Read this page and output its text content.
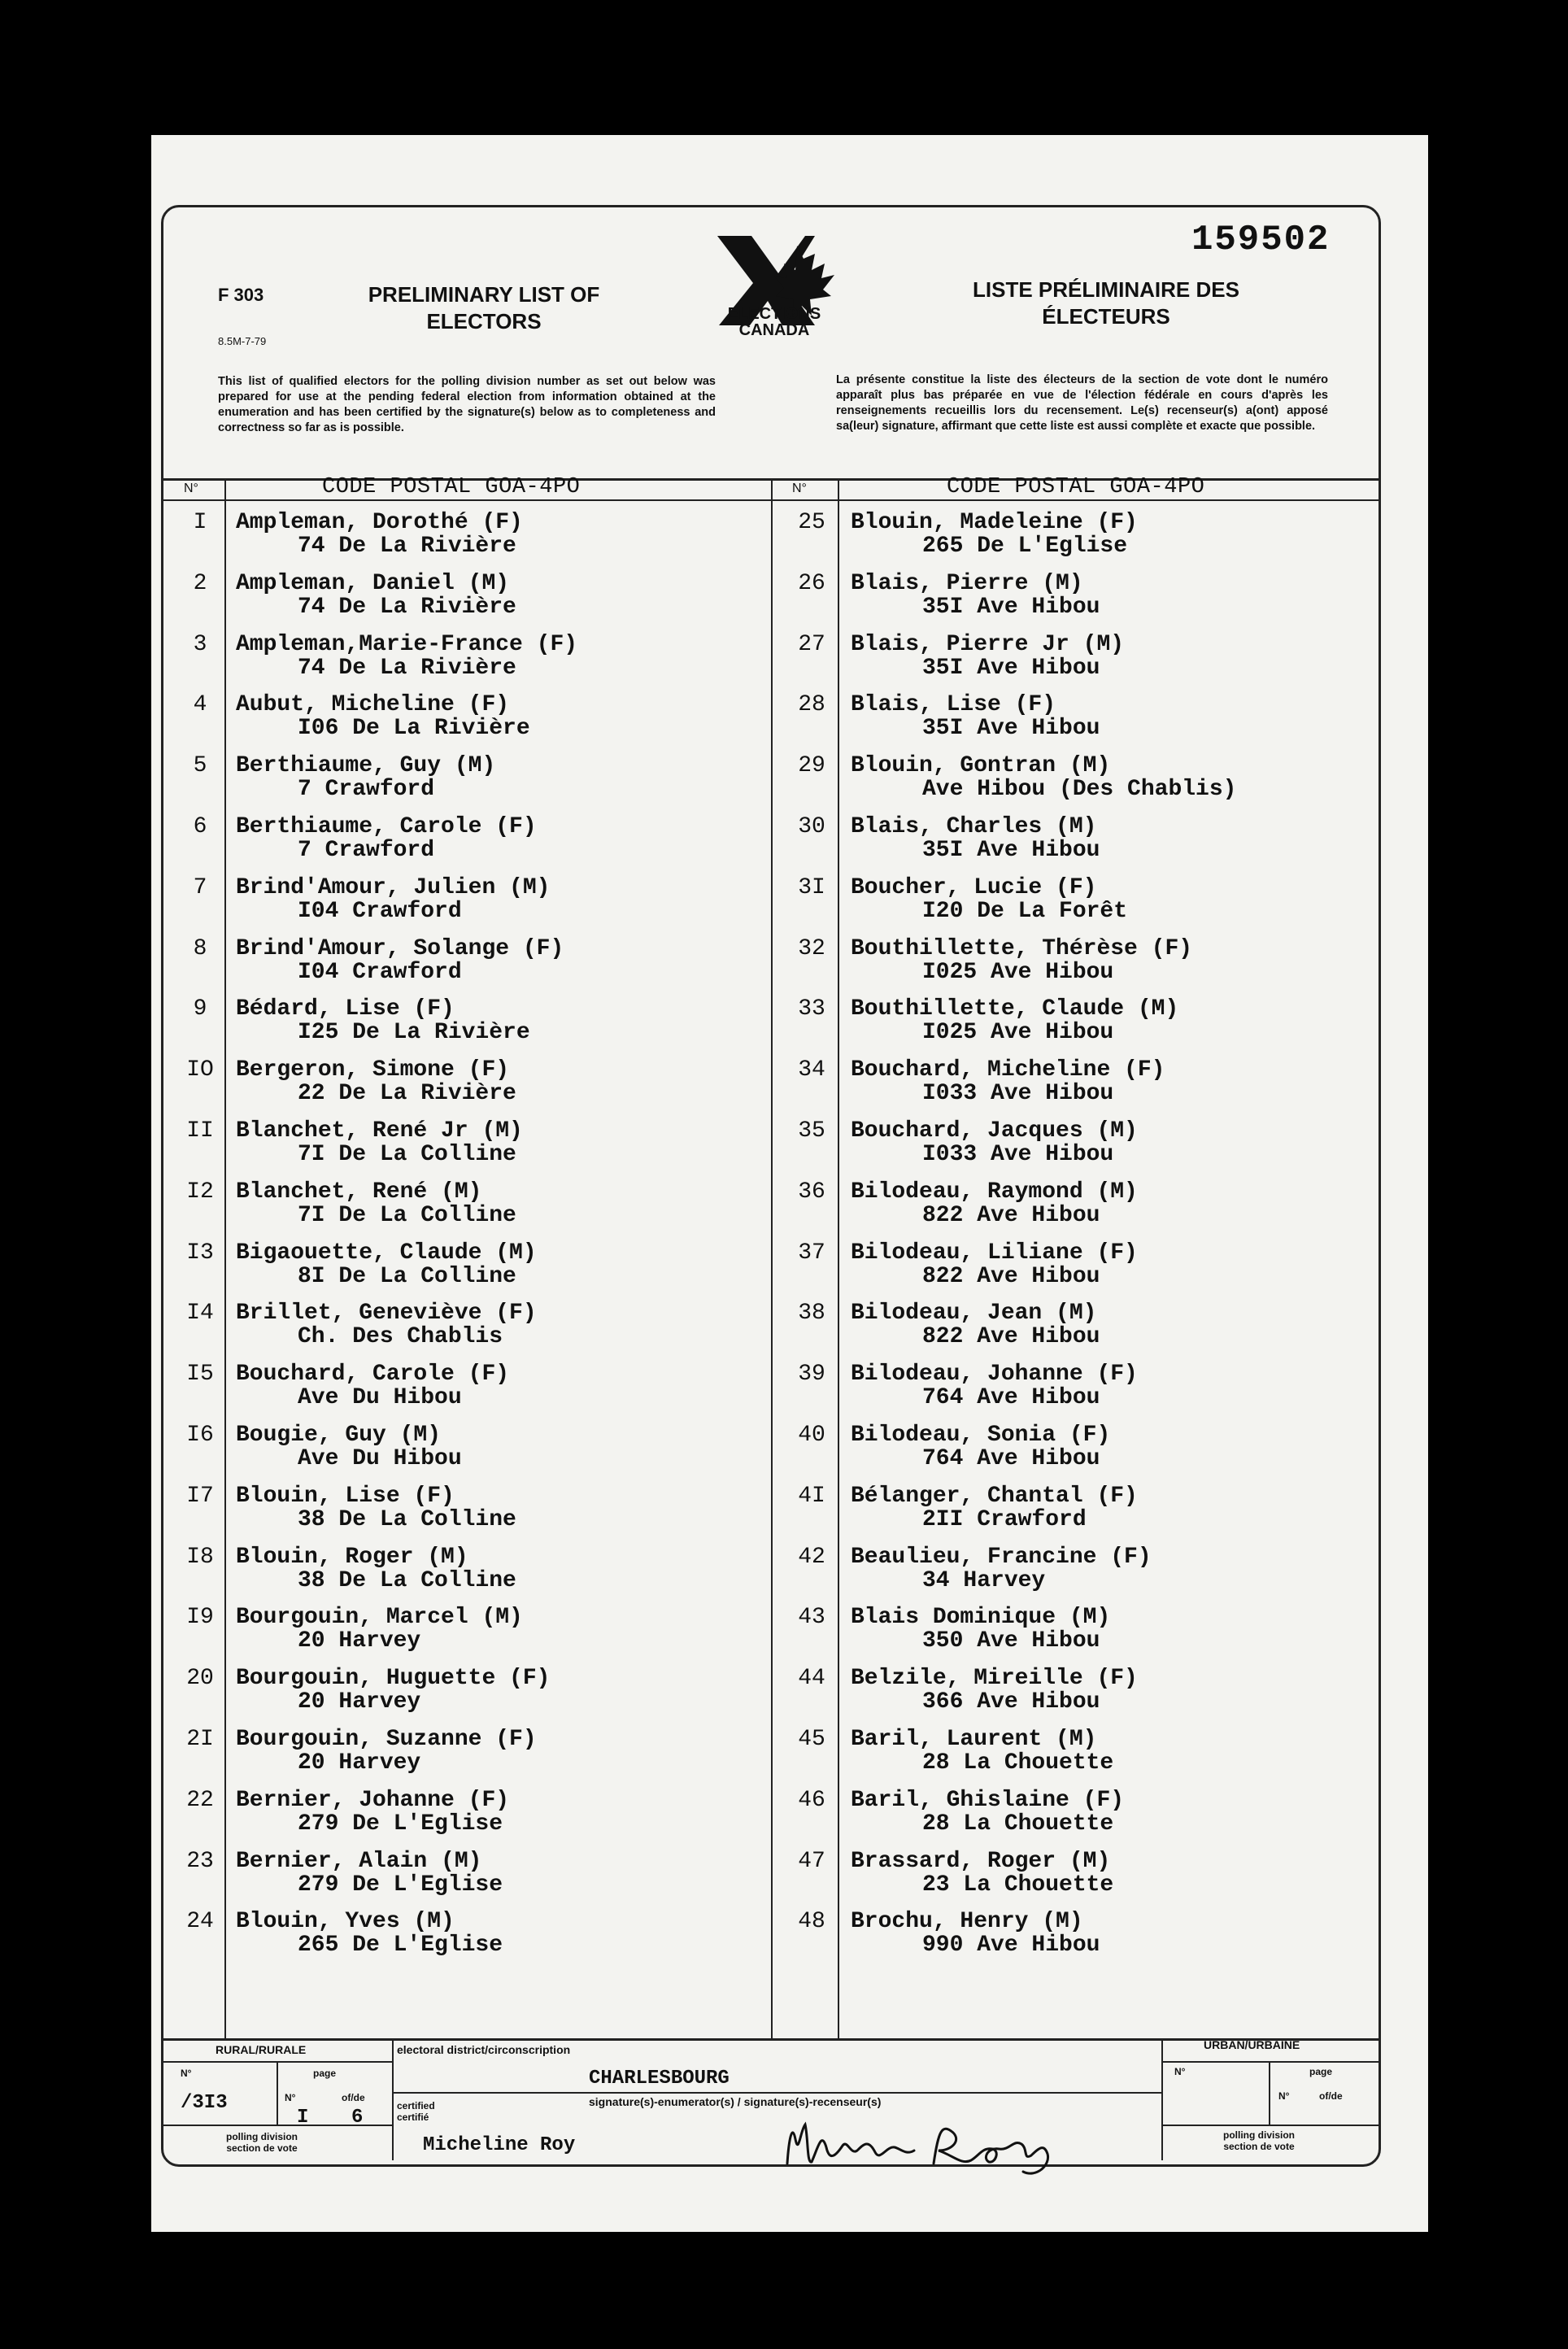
159502
F 303
8.5M-7-79
PRELIMINARY LIST OF
ELECTORS	ELECTIONS
CANADA
LISTE PRÉLIMINAIRE DES
ÉLECTEURS
This list of qualified electors for the polling division number as set out below was prepared for use at the pending federal election from information obtained at the enumeration and has been certified by the signature(s) below as to completeness and correctness so far as is possible.
La présente constitue la liste des électeurs de la section de vote dont le numéro apparaît plus bas préparée en vue de l'élection fédérale en cours d'après les renseignements recueillis lors du recensement. Le(s) recenseur(s) a(ont) apposé sa(leur) signature, affirmant que cette liste est aussi complète et exacte que possible.
N°	CODE POSTAL GOA-4PO	N°	CODE POSTAL GOA-4PO
I	Ampleman, Dorothé (F)
74 De La Rivière
2	Ampleman, Daniel (M)
74 De La Rivière
3	Ampleman,Marie-France (F)
74 De La Rivière
4	Aubut, Micheline (F)
I06 De La Rivière
5	Berthiaume, Guy (M)
7 Crawford
6	Berthiaume, Carole (F)
7 Crawford
7	Brind'Amour, Julien (M)
I04 Crawford
8	Brind'Amour, Solange (F)
I04 Crawford
9	Bédard, Lise (F)
I25 De La Rivière
IO Bergeron, Simone (F)
22 De La Rivière
II Blanchet, René Jr (M)
7I De La Colline
I2 Blanchet, René (M)
7I De La Colline
I3 Bigaouette, Claude (M)
8I De La Colline
I4 Brillet, Geneviève (F)
Ch. Des Chablis
I5 Bouchard, Carole (F)
Ave Du Hibou
I6 Bougie, Guy (M)
Ave Du Hibou
I7 Blouin, Lise (F)
38 De La Colline
I8 Blouin, Roger (M)
38 De La Colline
I9 Bourgouin, Marcel (M)
20 Harvey
20 Bourgouin, Huguette (F)
20 Harvey
2I Bourgouin, Suzanne (F)
20 Harvey
22 Bernier, Johanne (F)
279 De L'Eglise
23 Bernier, Alain (M)
279 De L'Eglise
24 Blouin, Yves (M)
265 De L'Eglise
25	Blouin, Madeleine (F)
265 De L'Eglise
26	Blais, Pierre (M)
35I Ave Hibou
27	Blais, Pierre Jr (M)
35I Ave Hibou
28	Blais, Lise (F)
35I Ave Hibou
29	Blouin, Gontran (M)
Ave Hibou (Des Chablis)
30	Blais, Charles (M)
35I Ave Hibou
3I	Boucher, Lucie (F)
I20 De La Forêt
32	Bouthillette, Thérèse (F)
I025 Ave Hibou
33	Bouthillette, Claude (M)
I025 Ave Hibou
34	Bouchard, Micheline (F)
I033 Ave Hibou
35	Bouchard, Jacques (M)
I033 Ave Hibou
36	Bilodeau, Raymond (M)
822 Ave Hibou
37	Bilodeau, Liliane (F)
822 Ave Hibou
38	Bilodeau, Jean (M)
822 Ave Hibou
39	Bilodeau, Johanne (F)
764 Ave Hibou
40	Bilodeau, Sonia (F)
764 Ave Hibou
4I	Bélanger, Chantal (F)
2II Crawford
42	Beaulieu, Francine (F)
34 Harvey
43	Blais Dominique (M)
350 Ave Hibou
44	Belzile, Mireille (F)
366 Ave Hibou
45	Baril, Laurent (M)
28 La Chouette
46	Baril, Ghislaine (F)
28 La Chouette
47	Brassard, Roger (M)
23 La Chouette
48	Brochu, Henry (M)
990 Ave Hibou
RURAL/RURALE
N°	page
N°	of/de
/3I3
I 6
polling division
section de vote
electoral district/circonscription
CHARLESBOURG
signature(s)-enumerator(s) / signature(s)-recenseur(s)
certified
certifié
Micheline Roy
URBAN/URBAINE
N°	page
N°	of/de
polling division
section de vote
